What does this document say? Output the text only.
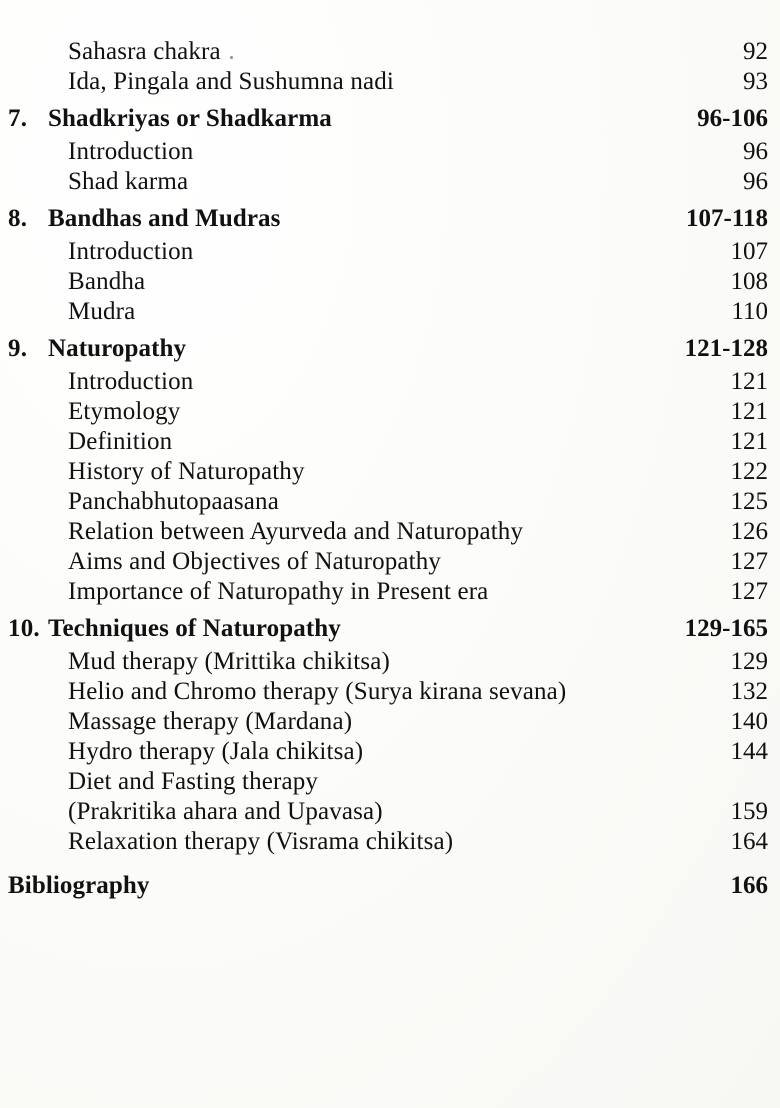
Sahasra chakra	92
Ida, Pingala and Sushumna nadi	93
7. Shadkriyas or Shadkarma	96-106
Introduction	96
Shad karma	96
8. Bandhas and Mudras	107-118
Introduction	107
Bandha	108
Mudra	110
9. Naturopathy	121-128
Introduction	121
Etymology	121
Definition	121
History of Naturopathy	122
Panchabhutopaasana	125
Relation between Ayurveda and Naturopathy	126
Aims and Objectives of Naturopathy	127
Importance of Naturopathy in Present era	127
10. Techniques of Naturopathy	129-165
Mud therapy (Mrittika chikitsa)	129
Helio and Chromo therapy (Surya kirana sevana)	132
Massage therapy (Mardana)	140
Hydro therapy (Jala chikitsa)	144
Diet and Fasting therapy
(Prakritika ahara and Upavasa)	159
Relaxation therapy (Visrama chikitsa)	164
Bibliography	166
